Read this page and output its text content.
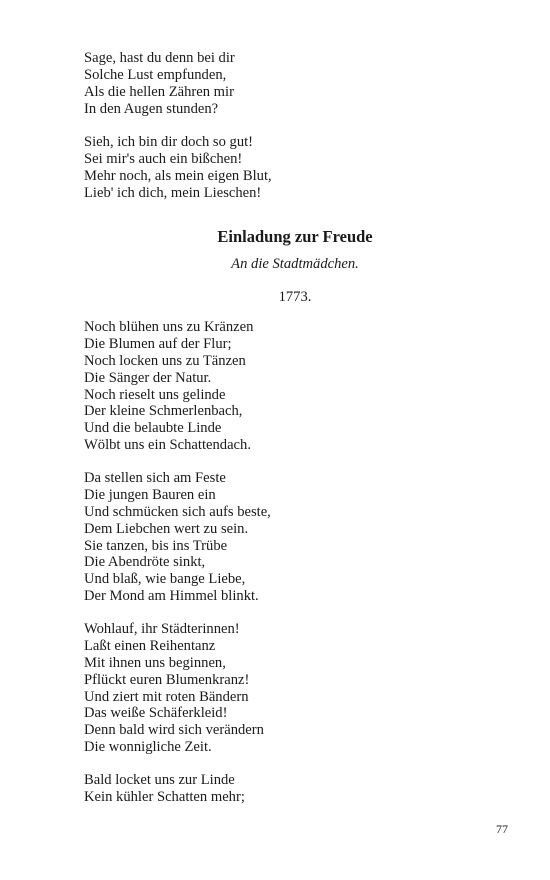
Sage, hast du denn bei dir
Solche Lust empfunden,
Als die hellen Zähren mir
In den Augen stunden?
Sieh, ich bin dir doch so gut!
Sei mir's auch ein bißchen!
Mehr noch, als mein eigen Blut,
Lieb' ich dich, mein Lieschen!
Einladung zur Freude

An die Stadtmädchen.

1773.

Noch blühen uns zu Kränzen
Die Blumen auf der Flur;
Noch locken uns zu Tänzen
Die Sänger der Natur.
Noch rieselt uns gelinde
Der kleine Schmerlenbach,
Und die belaubte Linde
Wölbt uns ein Schattendach.
Da stellen sich am Feste
Die jungen Bauren ein
Und schmücken sich aufs beste,
Dem Liebchen wert zu sein.
Sie tanzen, bis ins Trübe
Die Abendröte sinkt,
Und blaß, wie bange Liebe,
Der Mond am Himmel blinkt.
Wohlauf, ihr Städterinnen!
Laßt einen Reihentanz
Mit ihnen uns beginnen,
Pflückt euren Blumenkranz!
Und ziert mit roten Bändern
Das weiße Schäferkleid!
Denn bald wird sich verändern
Die wonnigliche Zeit.
Bald locket uns zur Linde
Kein kühler Schatten mehr;

77
